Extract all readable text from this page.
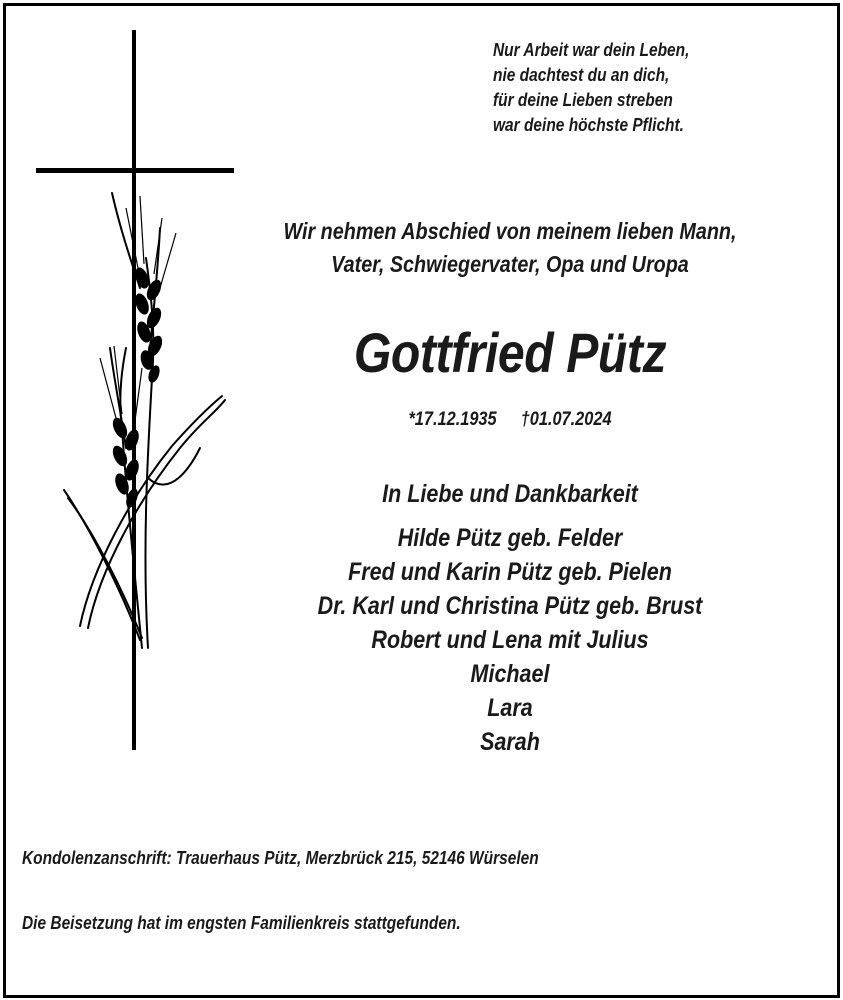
Nur Arbeit war dein Leben,
nie dachtest du an dich,
für deine Lieben streben
war deine höchste Pflicht.
Wir nehmen Abschied von meinem lieben Mann,
Vater, Schwiegervater, Opa und Uropa
Gottfried Pütz
*17.12.1935 †01.07.2024
In Liebe und Dankbarkeit
Hilde Pütz geb. Felder
Fred und Karin Pütz geb. Pielen
Dr. Karl und Christina Pütz geb. Brust
Robert und Lena mit Julius
Michael
Lara
Sarah
Kondolenzanschrift: Trauerhaus Pütz, Merzbrück 215, 52146 Würselen
Die Beisetzung hat im engsten Familienkreis stattgefunden.
